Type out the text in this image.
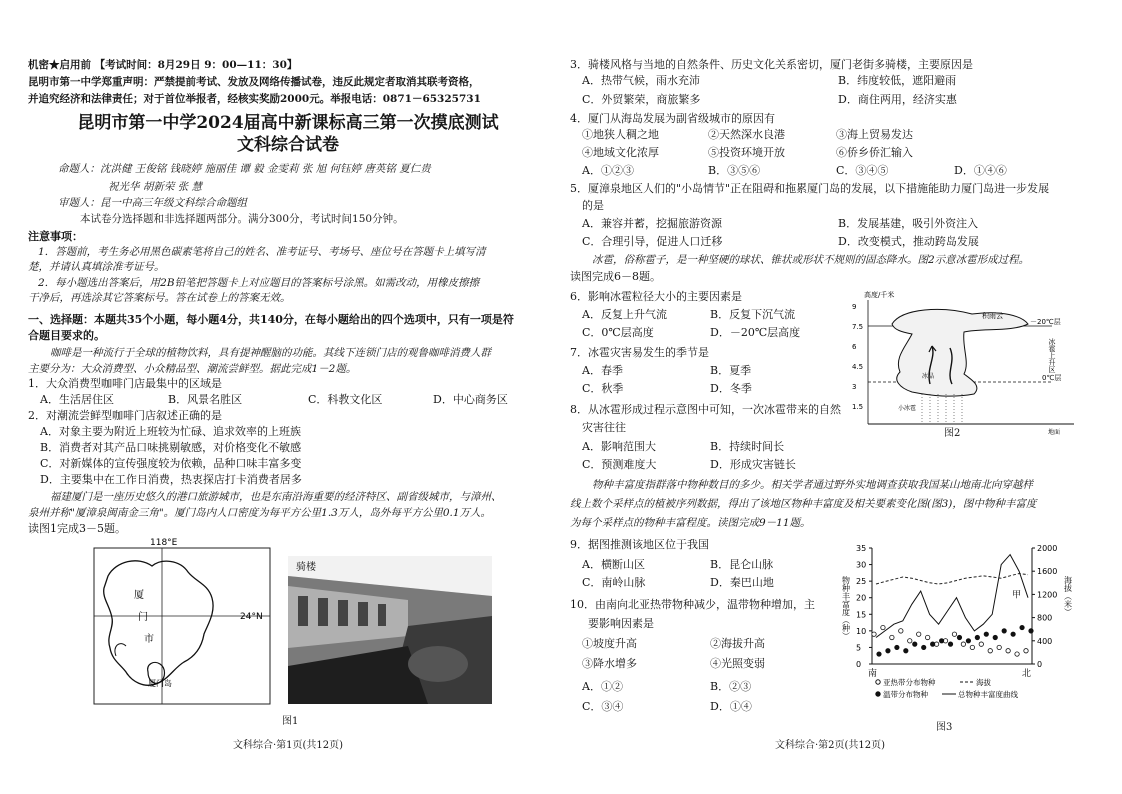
机密★启用前 【考试时间：8月29日 9：00—11：30】
昆明市第一中学郑重声明：严禁提前考试、发放及网络传播试卷，违反此规定者取消其联考资格，
并追究经济和法律责任；对于首位举报者，经核实奖励2000元。举报电话：0871－65325731
昆明市第一中学2024届高中新课标高三第一次摸底测试
文科综合试卷
命题人：沈洪健 王俊铭 钱晓婷 施丽佳 谭 毅 金雯莉 张 旭 何钰婷 唐英铭 夏仁贵
祝光华 胡新荣 张 慧
审题人：昆一中高三年级文科综合命题组
本试卷分选择题和非选择题两部分。满分300分，考试时间150分钟。
注意事项：
1．答题前，考生务必用黑色碳素笔将自己的姓名、准考证号、考场号、座位号在答题卡上填写清
楚，并请认真填涂准考证号。
2．每小题选出答案后，用2B铅笔把答题卡上对应题目的答案标号涂黑。如需改动，用橡皮擦擦
干净后，再选涂其它答案标号。答在试卷上的答案无效。
一、选择题：本题共35个小题，每小题4分，共140分，在每小题给出的四个选项中，只有一项是符
合题目要求的。
咖啡是一种流行于全球的植物饮料，具有提神醒脑的功能。其线下连锁门店的观鲁咖啡消费人群
主要分为：大众消费型、小众精品型、潮流尝鲜型。据此完成1－2题。
1．大众消费型咖啡门店最集中的区域是
A．生活居住区	B．风景名胜区	C．科教文化区	D．中心商务区
2．对潮流尝鲜型咖啡门店叙述正确的是
A．对象主要为附近上班较为忙碌、追求效率的上班族
B．消费者对其产品口味挑剔敏感，对价格变化不敏感
C．对新媒体的宣传强度较为依赖，品种口味丰富多变
D．主要集中在工作日消费，热衷探店打卡消费者居多
福建厦门是一座历史悠久的港口旅游城市，也是东南沿海重要的经济特区、副省级城市，与漳州、
泉州并称"厦漳泉闽南金三角"。厦门岛内人口密度为每平方公里1.3万人，岛外每平方公里0.1万人。
读图1完成3－5题。
厦
门
市
厦门岛
118°E
24°N
骑楼
图1
文科综合·第1页(共12页)
3．骑楼风格与当地的自然条件、历史文化关系密切，厦门老街多骑楼，主要原因是
A．热带气候，雨水充沛	B．纬度较低，遮阳避雨
C．外贸繁荣，商旅繁多	D．商住两用，经济实惠
4．厦门从海岛发展为副省级城市的原因有
①地狭人稠之地	②天然深水良港	③海上贸易发达
④地域文化浓厚	⑤投资环境开放	⑥侨乡侨汇输入
A．①②③	B．③⑤⑥	C．③④⑤	D．①④⑥
5．厦漳泉地区人们的"小岛情节"正在阻碍和拖累厦门岛的发展，以下措施能助力厦门岛进一步发展
的是
A．兼容并蓄，挖掘旅游资源	B．发展基建，吸引外资注入
C．合理引导，促进人口迁移	D．改变模式，推动跨岛发展
冰雹，俗称雹子，是一种坚硬的球状、锥状或形状不规则的固态降水。图2示意冰雹形成过程。
读图完成6－8题。
6．影响冰雹粒径大小的主要因素是
A．反复上升气流	B．反复下沉气流
C．0℃层高度	D．－20℃层高度
7．冰雹灾害易发生的季节是
A．春季	B．夏季
C．秋季	D．冬季
8．从冰雹形成过程示意图中可知，一次冰雹带来的自然
灾害往往
A．影响范围大	B．持续时间长
C．预测难度大	D．形成灾害链长
高度/千米
9
7.5
6
4.5
3
1.5
－20℃层
0℃层
积雨云
冰晶
小冰雹
地面
冰雹上升区
图2
物种丰富度指群落中物种数目的多少。相关学者通过野外实地调查获取我国某山地南北向穿越样
线上数个采样点的植被序列数据，得出了该地区物种丰富度及相关要素变化图(图3)，图中物种丰富度
为每个采样点的物种丰富程度。读图完成9－11题。
9．据图推测该地区位于我国
A．横断山区	B．昆仑山脉
C．南岭山脉	D．秦巴山地
10．由南向北亚热带物种减少，温带物种增加，主
要影响因素是
①坡度升高	②海拔升高
③降水增多	④光照变弱
A．①②	B．②③
C．③④	D．①④
0
5
10
15
20
25
30
35
0
400
800
1200
1600
2000
物种丰富度（种）	海拔（米）
南	北
亚热带分布物种	海拔
温带分布物种	总物种丰富度曲线
甲
图3
文科综合·第2页(共12页)
